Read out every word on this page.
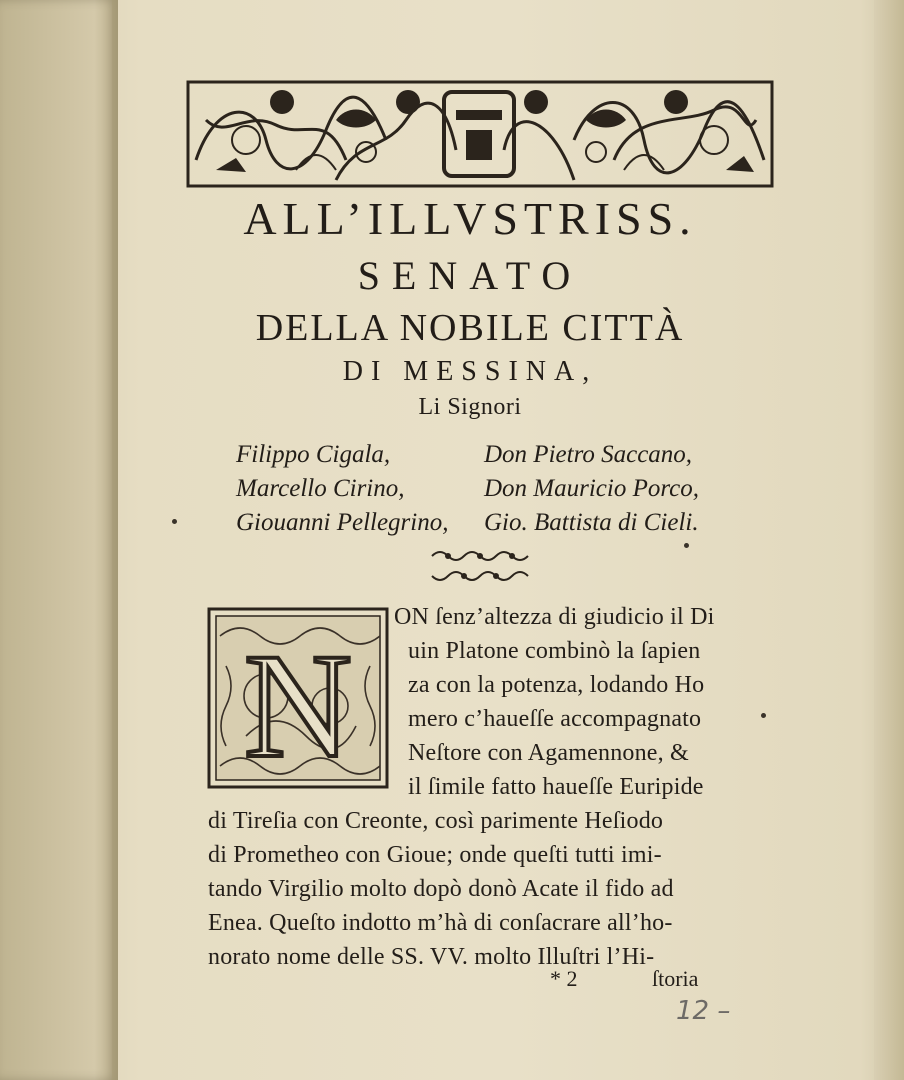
ALL’ILLVSTRISS.
SENATO
DELLA NOBILE CITTÀ
DI MESSINA,
Li Signori
Filippo Cigala,	Don Pietro Saccano,
Marcello Cirino,	Don Mauricio Porco,
Giouanni Pellegrino,	Gio. Battista di Cieli.
N
ON ſenz’altezza di giudicio il Di
uin Platone combinò la ſapien
za con la potenza, lodando Ho
mero c’haueſſe accompagnato
Neſtore con Agamennone, &
il ſimile fatto haueſſe Euripide
di Tireſia con Creonte, così parimente Heſiodo
di Prometheo con Gioue; onde queſti tutti imi-
tando Virgilio molto dopò donò Acate il fido ad
Enea. Queſto indotto m’hà di conſacrare all’ho-
norato nome delle SS. VV. molto Illuſtri l’Hi-
* 2	ſtoria
12 –
